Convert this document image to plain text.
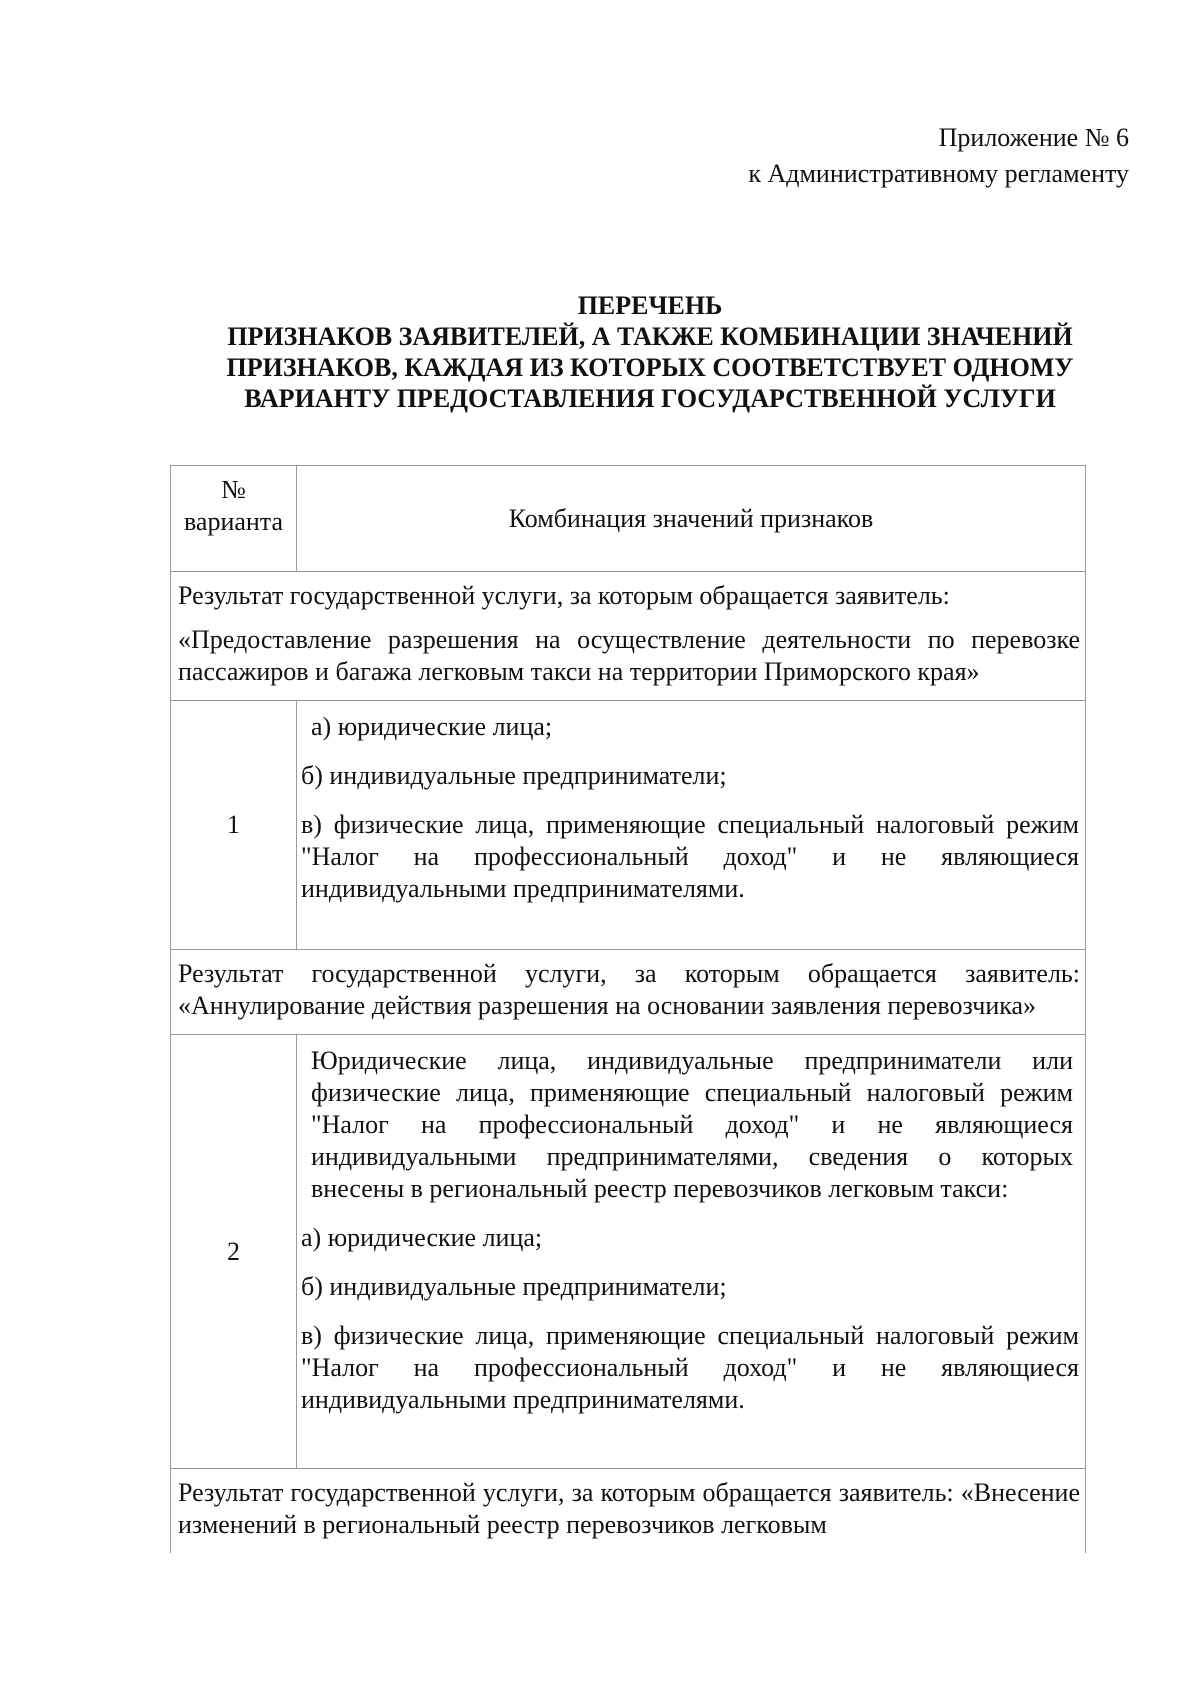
Приложение № 6
к Административному регламенту
ПЕРЕЧЕНЬ
ПРИЗНАКОВ ЗАЯВИТЕЛЕЙ, А ТАКЖЕ КОМБИНАЦИИ ЗНАЧЕНИЙ
ПРИЗНАКОВ, КАЖДАЯ ИЗ КОТОРЫХ СООТВЕТСТВУЕТ ОДНОМУ
ВАРИАНТУ ПРЕДОСТАВЛЕНИЯ ГОСУДАРСТВЕННОЙ УСЛУГИ
№ варианта	Комбинация значений признаков

Результат государственной услуги, за которым обращается заявитель:

«Предоставление разрешения на осуществление деятельности по перевозке пассажиров и багажа легковым такси на территории Приморского края»	

1	а) юридические лица;

б) индивидуальные предприниматели;

в) физические лица, применяющие специальный налоговый режим "Налог на профессиональный доход" и не являющиеся индивидуальными предпринимателями.

Результат государственной услуги, за которым обращается заявитель: «Аннулирование действия разрешения на основании заявления перевозчика»	

2	Юридические лица, индивидуальные предприниматели или физические лица, применяющие специальный налоговый режим "Налог на профессиональный доход" и не являющиеся индивидуальными предпринимателями, сведения о которых внесены в региональный реестр перевозчиков легковым такси:

а) юридические лица;

б) индивидуальные предприниматели;

в) физические лица, применяющие специальный налоговый режим "Налог на профессиональный доход" и не являющиеся индивидуальными предпринимателями.

Результат государственной услуги, за которым обращается заявитель: «Внесение изменений в региональный реестр перевозчиков легковым	
